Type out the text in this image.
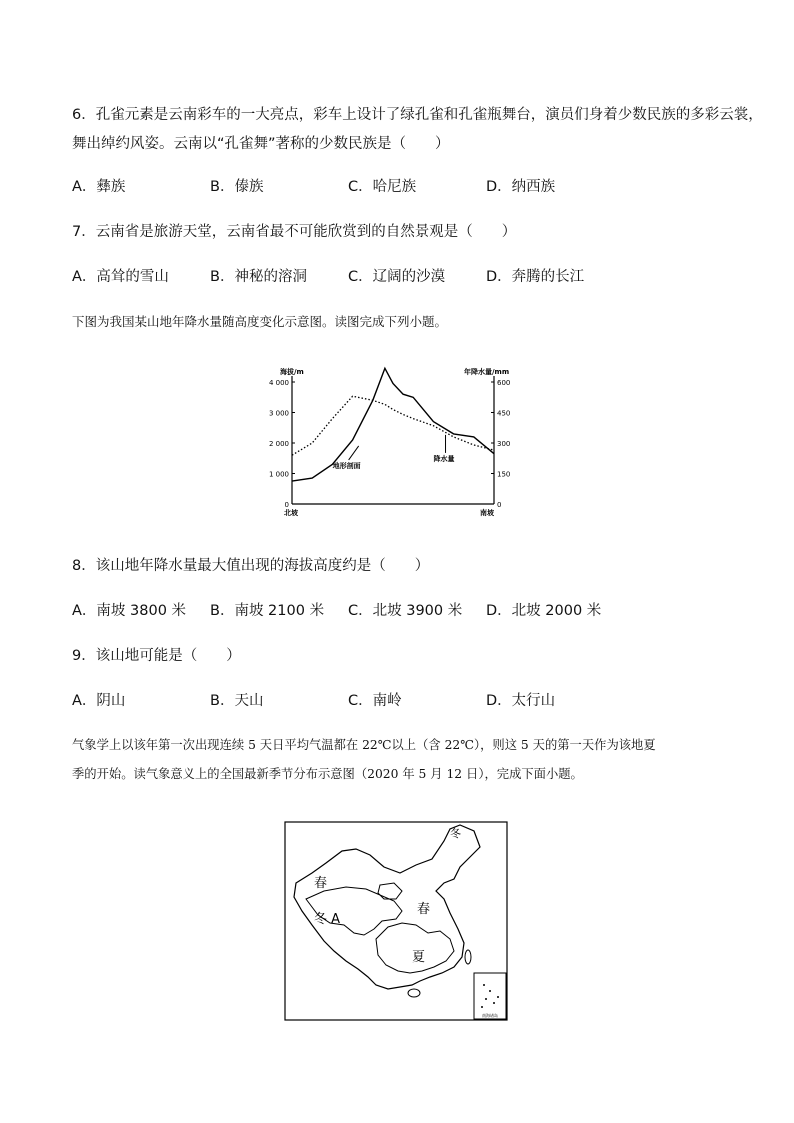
6．孔雀元素是云南彩车的一大亮点，彩车上设计了绿孔雀和孔雀瓶舞台，演员们身着少数民族的多彩云裳，
舞出绰约风姿。云南以“孔雀舞”著称的少数民族是（　　）
A．彝族	B．傣族	C．哈尼族	D．纳西族
7．云南省是旅游天堂，云南省最不可能欣赏到的自然景观是（　　）
A．高耸的雪山	B．神秘的溶洞	C．辽阔的沙漠	D．奔腾的长江
下图为我国某山地年降水量随高度变化示意图。读图完成下列小题。
4 000
3 000
2 000
1 000
0
600
450
300
150
0
海拔/m	年降水量/mm
北坡	南坡
地形剖面
降水量
8．该山地年降水量最大值出现的海拔高度约是（　　）
A．南坡 3800 米 B．南坡 2100 米 C．北坡 3900 米 D．北坡 2000 米
9．该山地可能是（　　）
A．阴山	B．天山	C．南岭	D．太行山
气象学上以该年第一次出现连续 5 天日平均气温都在 22℃以上（含 22℃），则这 5 天的第一天作为该地夏
季的开始。读气象意义上的全国最新季节分布示意图（2020 年 5 月 12 日），完成下面小题。
南海诸岛
春
冬 A
春
夏
冬
